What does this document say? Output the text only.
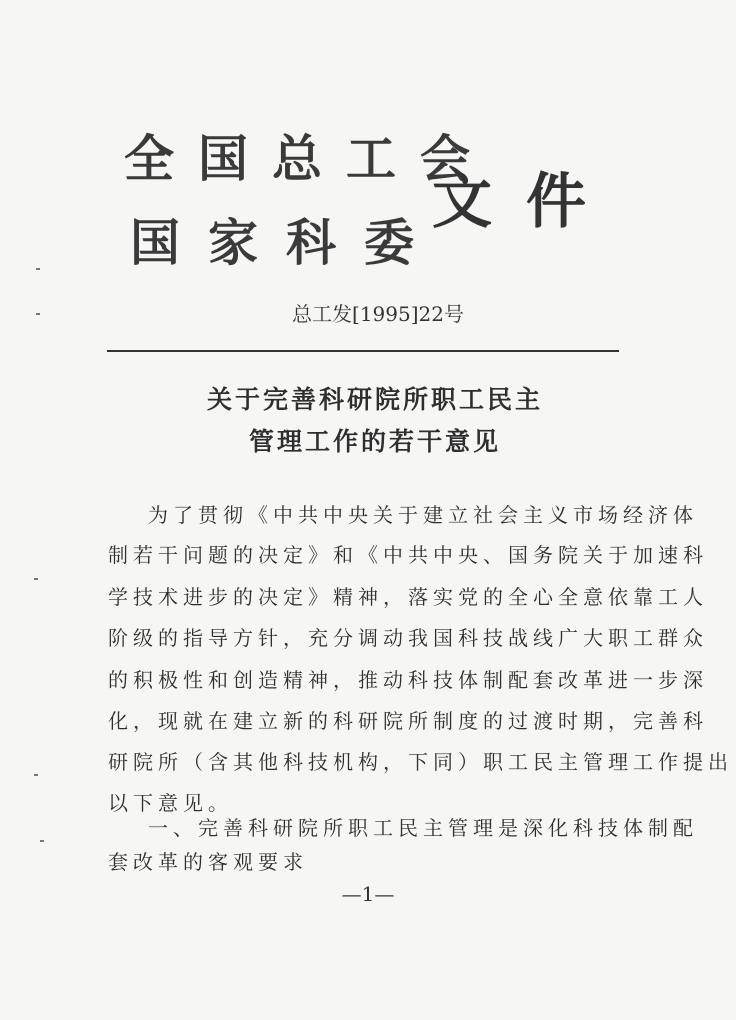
全国总工会
国家科委
文件
总工发[1995]22号
关于完善科研院所职工民主
管理工作的若干意见
为了贯彻《中共中央关于建立社会主义市场经济体
制若干问题的决定》和《中共中央、国务院关于加速科
学技术进步的决定》精神，落实党的全心全意依靠工人
阶级的指导方针，充分调动我国科技战线广大职工群众
的积极性和创造精神，推动科技体制配套改革进一步深
化，现就在建立新的科研院所制度的过渡时期，完善科
研院所（含其他科技机构，下同）职工民主管理工作提出
以下意见。
一、完善科研院所职工民主管理是深化科技体制配
套改革的客观要求
—1—
